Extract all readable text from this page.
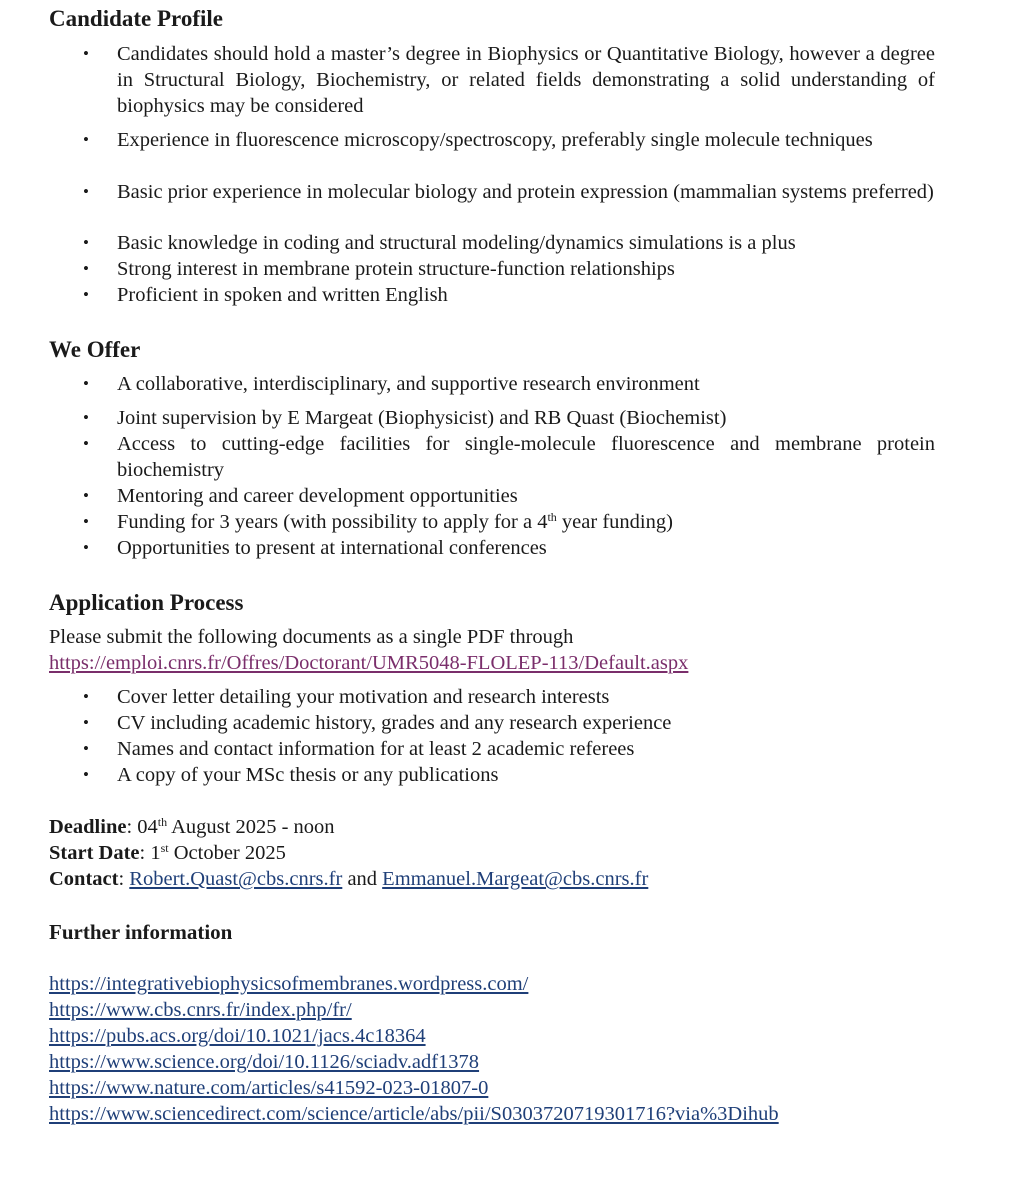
Candidate Profile
• Candidates should hold a master’s degree in Biophysics or Quantitative Biology, however a degree in Structural Biology, Biochemistry, or related fields demonstrating a solid understanding of biophysics may be considered
• Experience in fluorescence microscopy/spectroscopy, preferably single molecule techniques
• Basic prior experience in molecular biology and protein expression (mammalian systems preferred)
• Basic knowledge in coding and structural modeling/dynamics simulations is a plus
• Strong interest in membrane protein structure-function relationships
• Proficient in spoken and written English
We Offer
• A collaborative, interdisciplinary, and supportive research environment
• Joint supervision by E Margeat (Biophysicist) and RB Quast (Biochemist)
• Access to cutting-edge facilities for single-molecule fluorescence and membrane protein biochemistry
• Mentoring and career development opportunities
• Funding for 3 years (with possibility to apply for a 4th year funding)
• Opportunities to present at international conferences
Application Process

Please submit the following documents as a single PDF through

https://emploi.cnrs.fr/Offres/Doctorant/UMR5048-FLOLEP-113/Default.aspx

• Cover letter detailing your motivation and research interests
• CV including academic history, grades and any research experience
• Names and contact information for at least 2 academic referees
• A copy of your MSc thesis or any publications

Deadline: 04th August 2025 - noon

Start Date: 1st October 2025

Contact: Robert.Quast@cbs.cnrs.fr and Emmanuel.Margeat@cbs.cnrs.fr

Further information
https://integrativebiophysicsofmembranes.wordpress.com/
https://www.cbs.cnrs.fr/index.php/fr/
https://pubs.acs.org/doi/10.1021/jacs.4c18364
https://www.science.org/doi/10.1126/sciadv.adf1378
https://www.nature.com/articles/s41592-023-01807-0
https://www.sciencedirect.com/science/article/abs/pii/S0303720719301716?via%3Dihub
